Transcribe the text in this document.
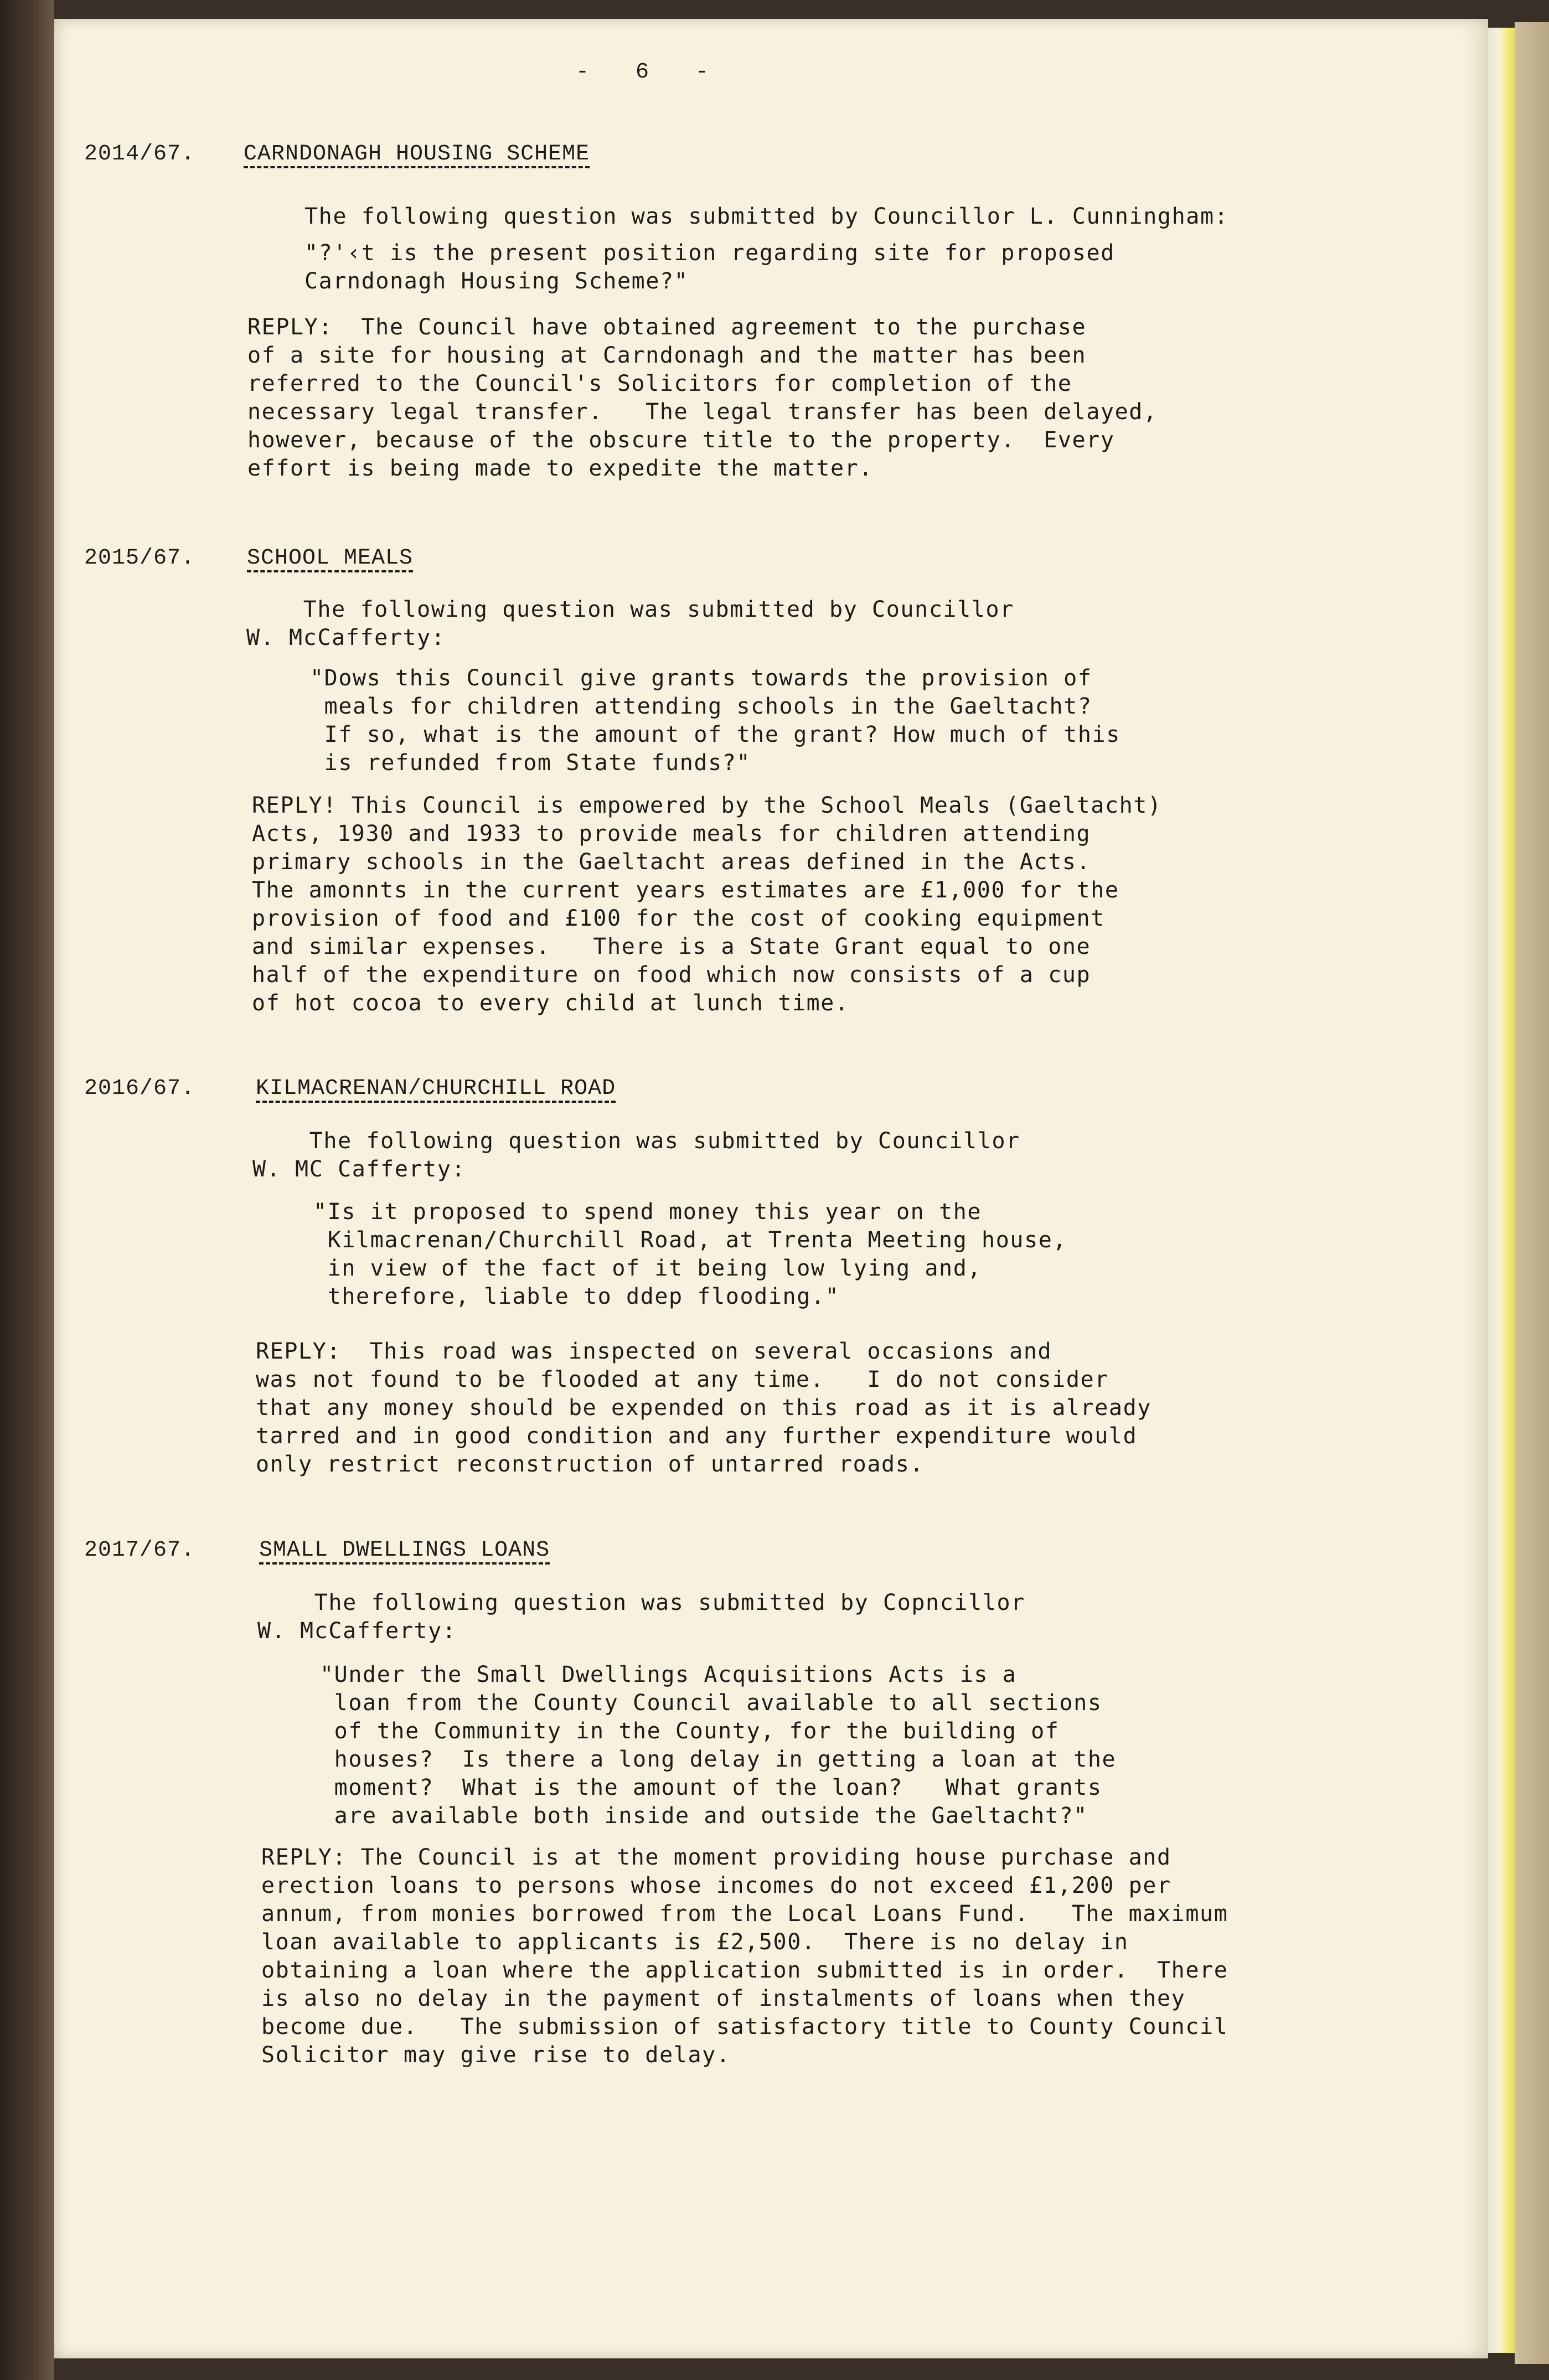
- 6 -
2014/67. CARNDONAGH HOUSING SCHEME
The following question was submitted by Councillor L. Cunningham:
"?'‹t is the present position regarding site for proposed
Carndonagh Housing Scheme?"
REPLY:  The Council have obtained agreement to the purchase
of a site for housing at Carndonagh and the matter has been
referred to the Council's Solicitors for completion of the
necessary legal transfer.   The legal transfer has been delayed,
however, because of the obscure title to the property.  Every
effort is being made to expedite the matter.
2015/67. SCHOOL MEALS
The following question was submitted by Councillor
W. McCafferty:
"Dows this Council give grants towards the provision of
meals for children attending schools in the Gaeltacht?
If so, what is the amount of the grant? How much of this
is refunded from State funds?"
REPLY! This Council is empowered by the School Meals (Gaeltacht)
Acts, 1930 and 1933 to provide meals for children attending
primary schools in the Gaeltacht areas defined in the Acts.
The amonnts in the current years estimates are £1,000 for the
provision of food and £100 for the cost of cooking equipment
and similar expenses.   There is a State Grant equal to one
half of the expenditure on food which now consists of a cup
of hot cocoa to every child at lunch time.
2016/67.	KILMACRENAN/CHURCHILL ROAD
The following question was submitted by Councillor
W. MC Cafferty:
"Is it proposed to spend money this year on the
Kilmacrenan/Churchill Road, at Trenta Meeting house,
in view of the fact of it being low lying and,
therefore, liable to ddep flooding."
REPLY:  This road was inspected on several occasions and
was not found to be flooded at any time.   I do not consider
that any money should be expended on this road as it is already
tarred and in good condition and any further expenditure would
only restrict reconstruction of untarred roads.
2017/67.	SMALL DWELLINGS LOANS
The following question was submitted by Copncillor
W. McCafferty:
"Under the Small Dwellings Acquisitions Acts is a
loan from the County Council available to all sections
of the Community in the County, for the building of
houses?  Is there a long delay in getting a loan at the
moment?  What is the amount of the loan?   What grants
are available both inside and outside the Gaeltacht?"
REPLY: The Council is at the moment providing house purchase and
erection loans to persons whose incomes do not exceed £1,200 per
annum, from monies borrowed from the Local Loans Fund.   The maximum
loan available to applicants is £2,500.  There is no delay in
obtaining a loan where the application submitted is in order.  There
is also no delay in the payment of instalments of loans when they
become due.   The submission of satisfactory title to County Council
Solicitor may give rise to delay.
